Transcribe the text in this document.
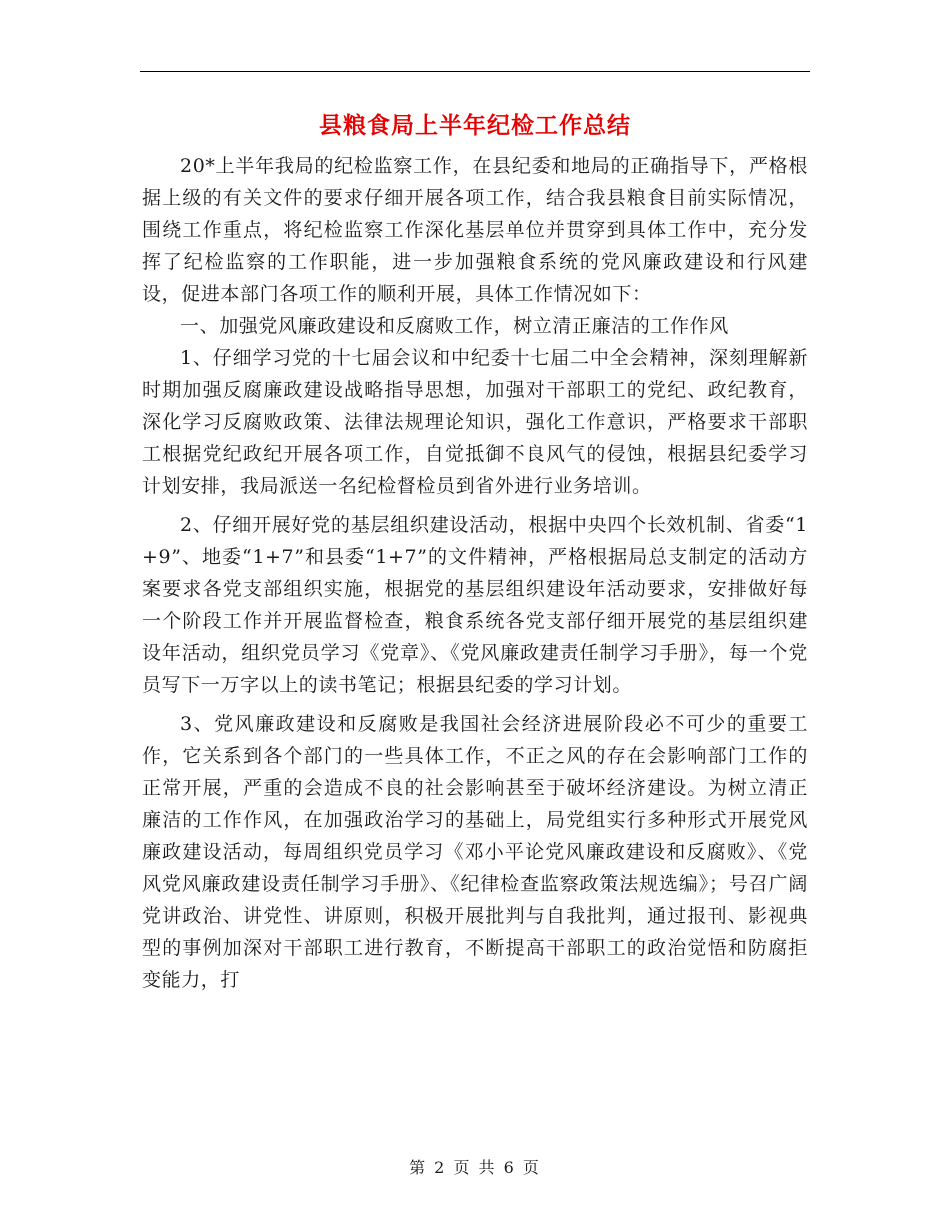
县粮食局上半年纪检工作总结

20*上半年我局的纪检监察工作，在县纪委和地局的正确指导下，严格根据上级的有关文件的要求仔细开展各项工作，结合我县粮食目前实际情况，围绕工作重点，将纪检监察工作深化基层单位并贯穿到具体工作中，充分发挥了纪检监察的工作职能，进一步加强粮食系统的党风廉政建设和行风建设，促进本部门各项工作的顺利开展，具体工作情况如下：

一、加强党风廉政建设和反腐败工作，树立清正廉洁的工作作风

1、仔细学习党的十七届会议和中纪委十七届二中全会精神，深刻理解新时期加强反腐廉政建设战略指导思想，加强对干部职工的党纪、政纪教育，深化学习反腐败政策、法律法规理论知识，强化工作意识，严格要求干部职工根据党纪政纪开展各项工作，自觉抵御不良风气的侵蚀，根据县纪委学习计划安排，我局派送一名纪检督检员到省外进行业务培训。

2、仔细开展好党的基层组织建设活动，根据中央四个长效机制、省委“1+9”、地委“1+7”和县委“1+7”的文件精神，严格根据局总支制定的活动方案要求各党支部组织实施，根据党的基层组织建设年活动要求，安排做好每一个阶段工作并开展监督检查，粮食系统各党支部仔细开展党的基层组织建设年活动，组织党员学习《党章》、《党风廉政建责任制学习手册》，每一个党员写下一万字以上的读书笔记；根据县纪委的学习计划。

3、党风廉政建设和反腐败是我国社会经济进展阶段必不可少的重要工作，它关系到各个部门的一些具体工作，不正之风的存在会影响部门工作的正常开展，严重的会造成不良的社会影响甚至于破坏经济建设。为树立清正廉洁的工作作风，在加强政治学习的基础上，局党组实行多种形式开展党风廉政建设活动，每周组织党员学习《邓小平论党风廉政建设和反腐败》、《党风党风廉政建设责任制学习手册》、《纪律检查监察政策法规选编》；号召广阔党讲政治、讲党性、讲原则，积极开展批判与自我批判，通过报刊、影视典型的事例加深对干部职工进行教育，不断提高干部职工的政治觉悟和防腐拒变能力，打

第 2 页 共 6 页
